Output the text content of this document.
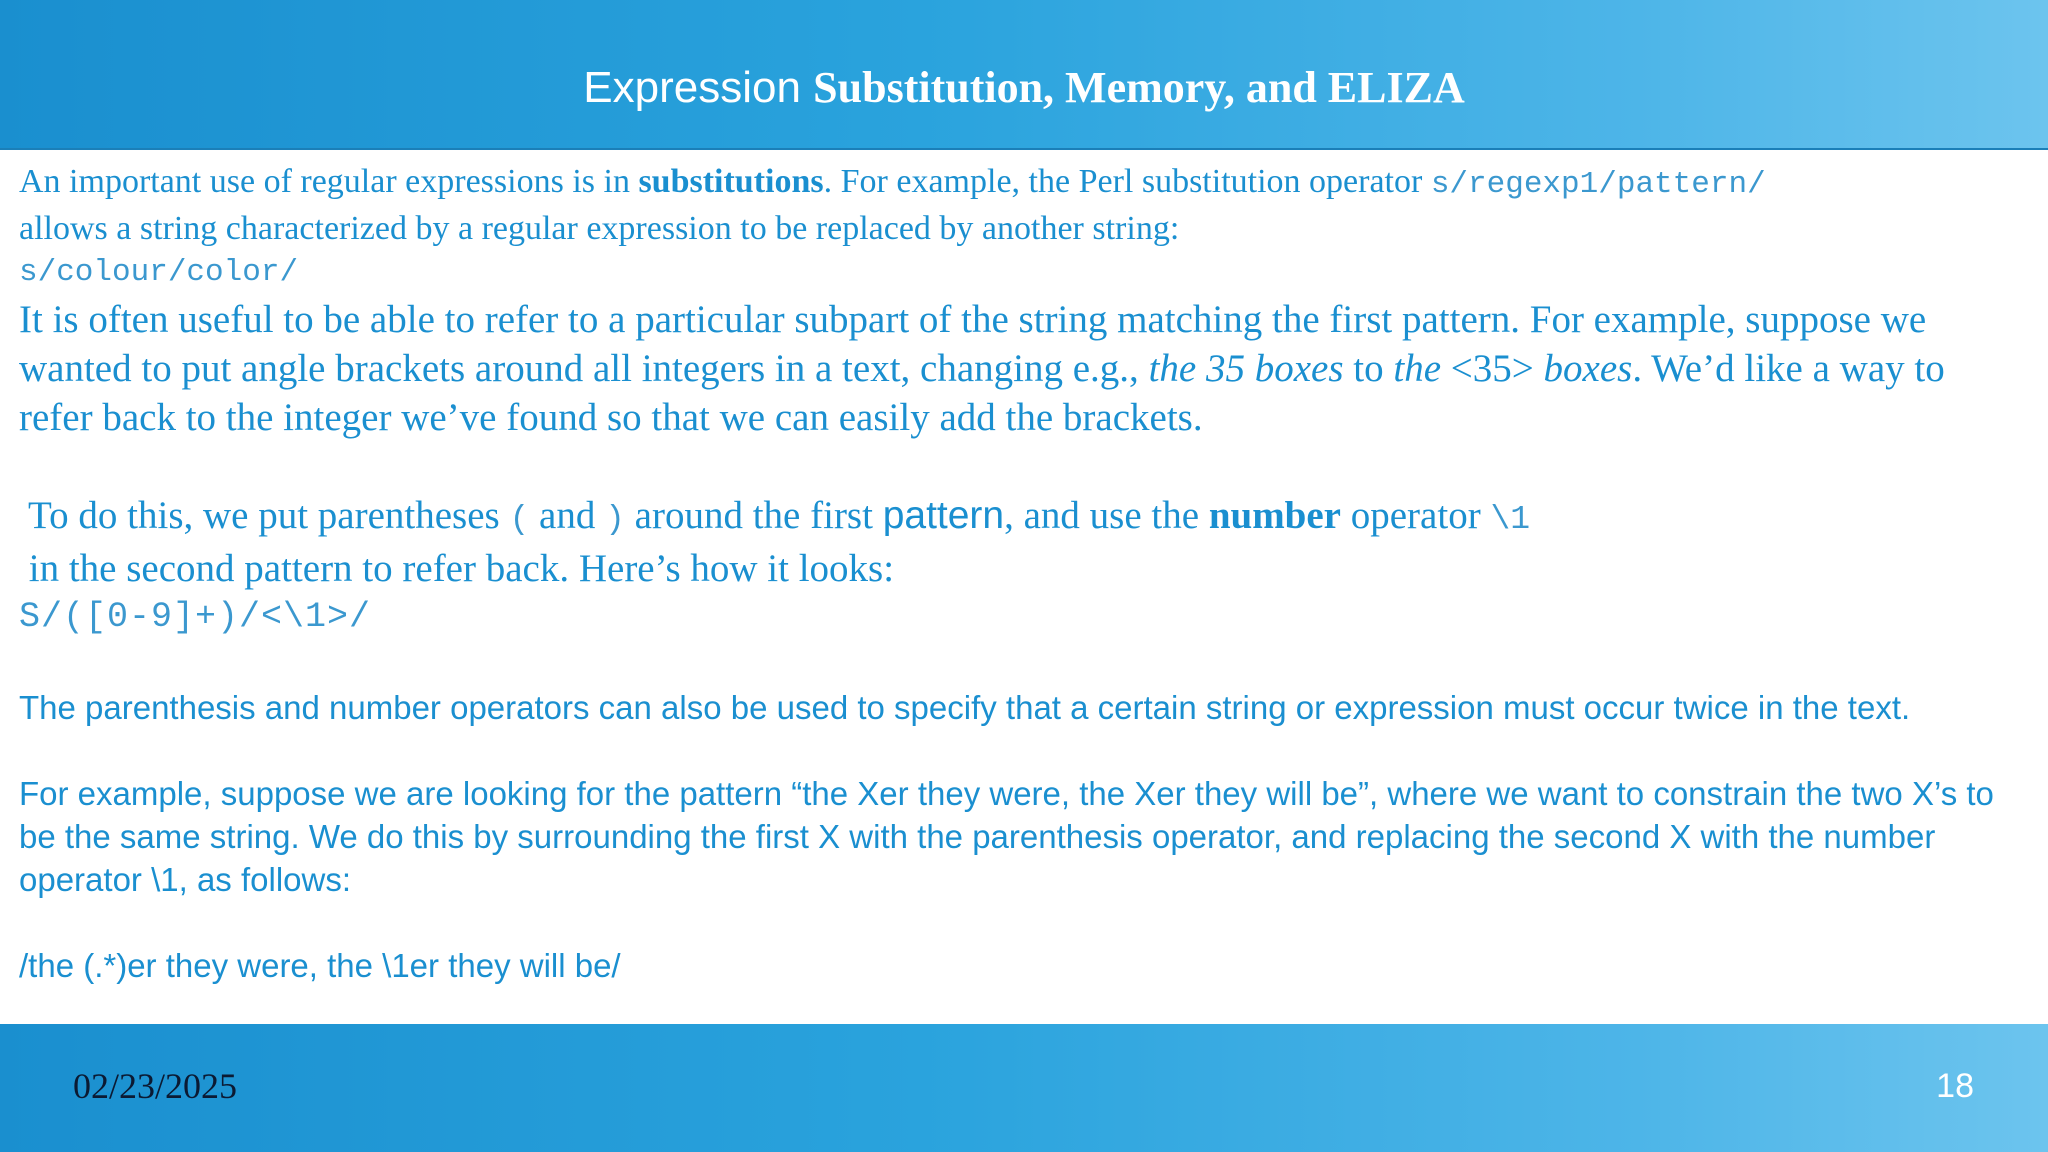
Expression Substitution, Memory, and ELIZA

An important use of regular expressions is in substitutions. For example, the Perl substitution operator s/regexp1/pattern/
allows a string characterized by a regular expression to be replaced by another string:

s/colour/color/

It is often useful to be able to refer to a particular subpart of the string matching the first pattern. For example, suppose we wanted to put angle brackets around all integers in a text, changing e.g., the 35 boxes to the <35> boxes. We’d like a way to refer back to the integer we’ve found so that we can easily add the brackets.

To do this, we put parentheses ( and ) around the first pattern, and use the number operator \1 in the second pattern to refer back. Here’s how it looks:

S/([0-9]+)/<\1>/

The parenthesis and number operators can also be used to specify that a certain string or expression must occur twice in the text.

For example, suppose we are looking for the pattern “the Xer they were, the Xer they will be”, where we want to constrain the two X’s to be the same string. We do this by surrounding the first X with the parenthesis operator, and replacing the second X with the number operator \1, as follows:

/the (.*)er they were, the \1er they will be/

02/23/2025	18
